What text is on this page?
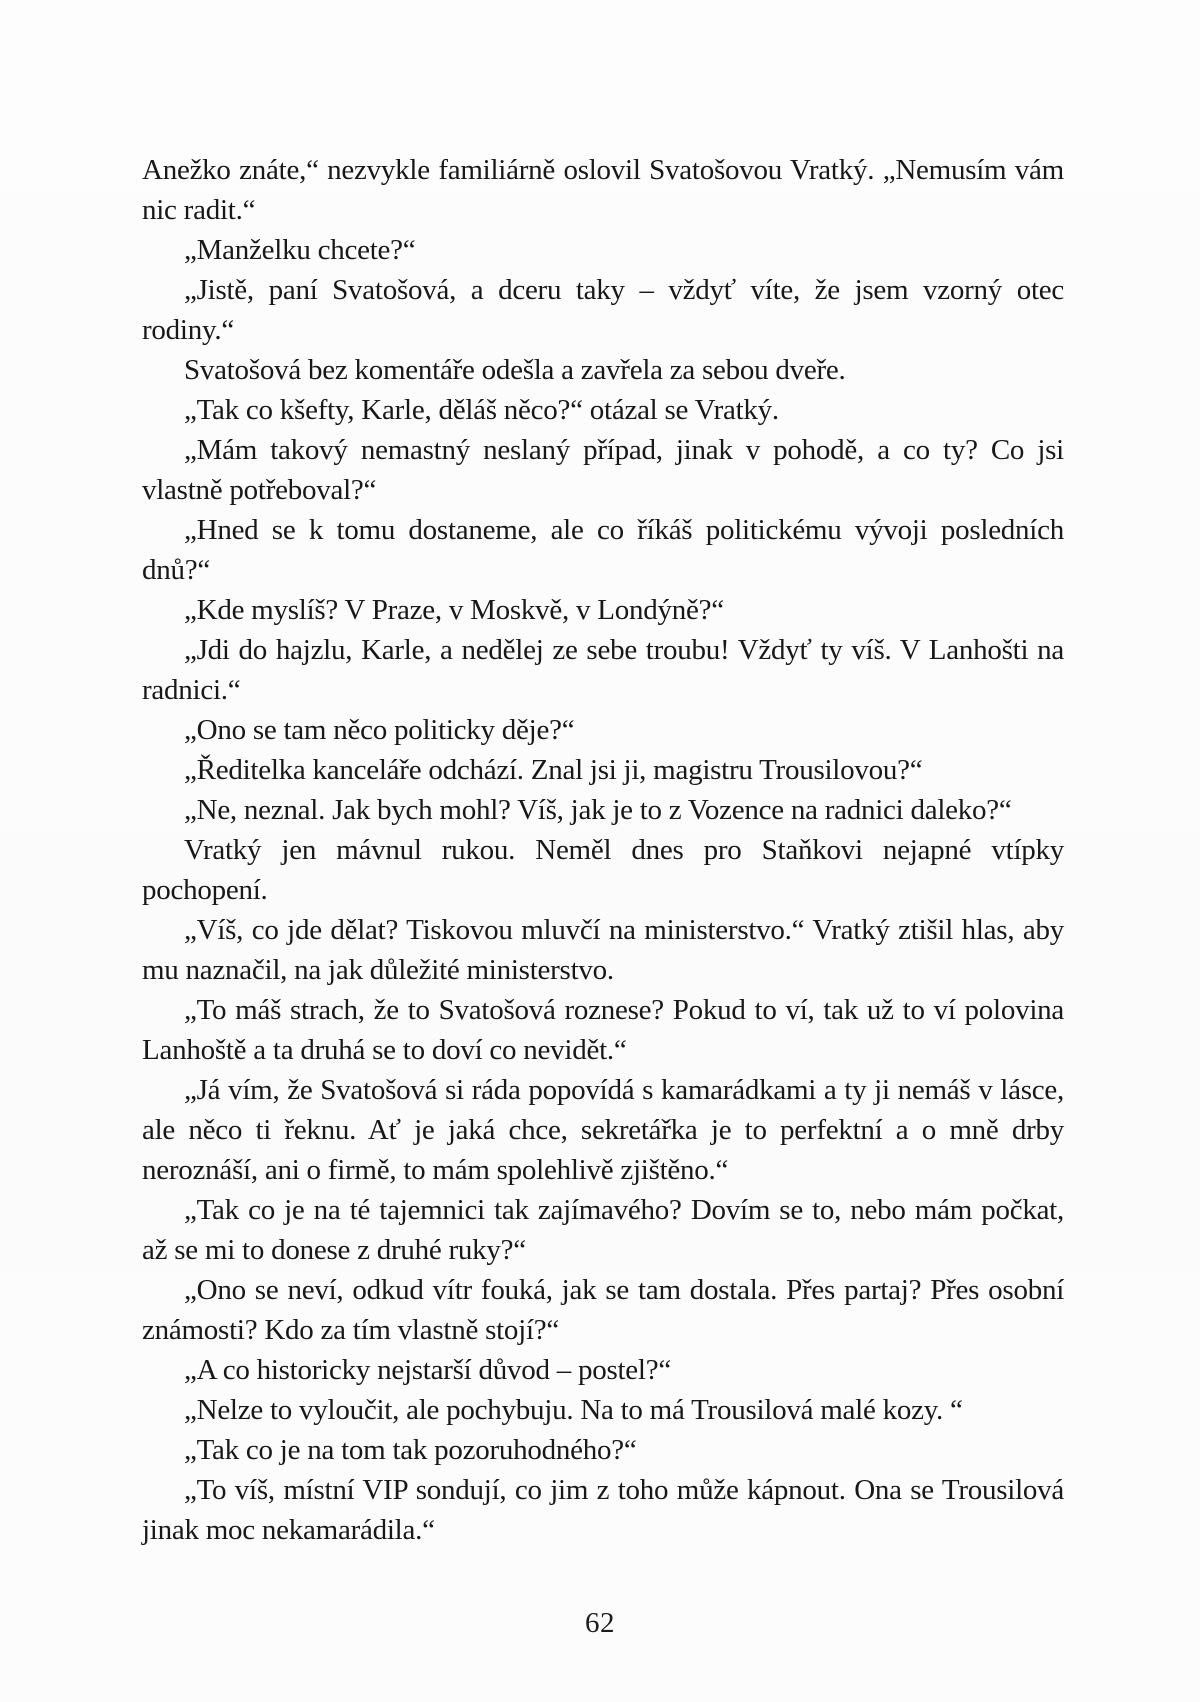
Anežko znáte,“ nezvykle familiárně oslovil Svatošovou Vratký. „Nemusím vám nic radit.“

„Manželku chcete?“

„Jistě, paní Svatošová, a dceru taky – vždyť víte, že jsem vzorný otec rodiny.“

Svatošová bez komentáře odešla a zavřela za sebou dveře.

„Tak co kšefty, Karle, děláš něco?“ otázal se Vratký.

„Mám takový nemastný neslaný případ, jinak v pohodě, a co ty? Co jsi vlastně potřeboval?“

„Hned se k tomu dostaneme, ale co říkáš politickému vývoji posledních dnů?“

„Kde myslíš? V Praze, v Moskvě, v Londýně?“

„Jdi do hajzlu, Karle, a nedělej ze sebe troubu! Vždyť ty víš. V Lanhošti na radnici.“

„Ono se tam něco politicky děje?“

„Ředitelka kanceláře odchází. Znal jsi ji, magistru Trousilovou?“

„Ne, neznal. Jak bych mohl? Víš, jak je to z Vozence na radnici daleko?“

Vratký jen mávnul rukou. Neměl dnes pro Staňkovi nejapné vtípky pochopení.

„Víš, co jde dělat? Tiskovou mluvčí na ministerstvo.“ Vratký ztišil hlas, aby mu naznačil, na jak důležité ministerstvo.

„To máš strach, že to Svatošová roznese? Pokud to ví, tak už to ví polovina Lanhoště a ta druhá se to doví co nevidět.“

„Já vím, že Svatošová si ráda popovídá s kamarádkami a ty ji nemáš v lásce, ale něco ti řeknu. Ať je jaká chce, sekretářka je to perfektní a o mně drby neroznáší, ani o firmě, to mám spolehlivě zjištěno.“

„Tak co je na té tajemnici tak zajímavého? Dovím se to, nebo mám počkat, až se mi to donese z druhé ruky?“

„Ono se neví, odkud vítr fouká, jak se tam dostala. Přes partaj? Přes osobní známosti? Kdo za tím vlastně stojí?“

„A co historicky nejstarší důvod – postel?“

„Nelze to vyloučit, ale pochybuju. Na to má Trousilová malé kozy. “

„Tak co je na tom tak pozoruhodného?“

„To víš, místní VIP sondují, co jim z toho může kápnout. Ona se Trousilová jinak moc nekamarádila.“

62
